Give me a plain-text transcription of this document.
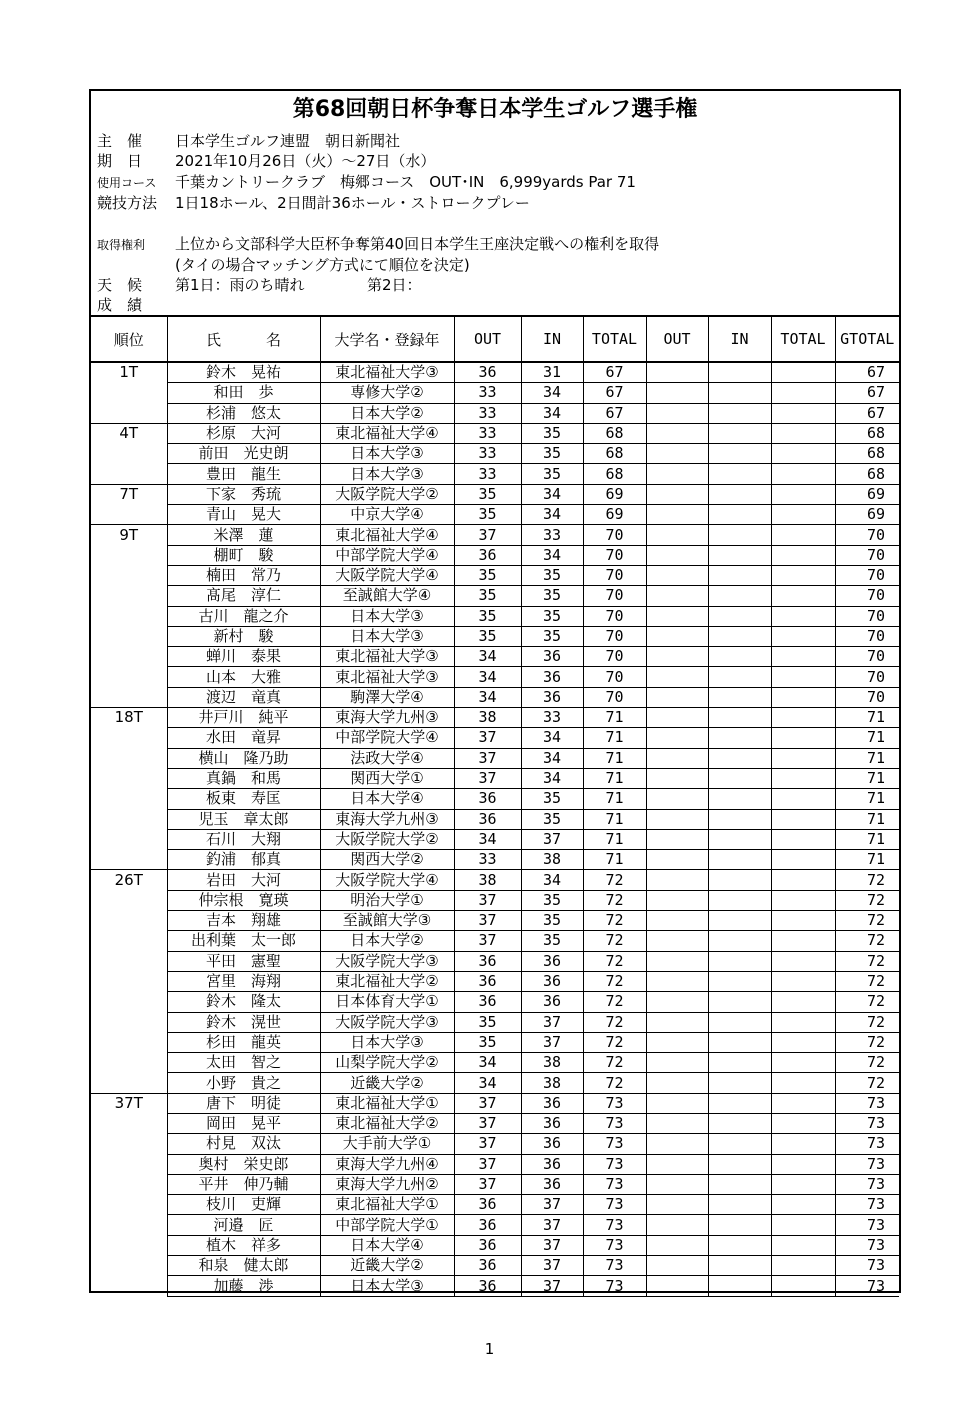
第68回朝日杯争奪日本学生ゴルフ選手権
主　催 日本学生ゴルフ連盟　朝日新聞社
期　日 2021年10月26日（火）～27日（水）
使用コース 千葉カントリークラブ　梅郷コース　OUT･IN　6,999yards Par 71
競技方法 1日18ホール、2日間計36ホール・ストロークプレー
取得権利 上位から文部科学大臣杯争奪第40回日本学生王座決定戦への権利を取得
(タイの場合マッチング方式にて順位を決定)
天　候 第1日：雨のち晴れ	第2日：
成　績
順位	氏　　　名	大学名・登録年	OUT	IN	TOTAL	OUT	IN	TOTAL	GTOTAL
1T	鈴木　晃祐	東北福祉大学③	36	31	67				67
	和田　歩	専修大学②	33	34	67				67
	杉浦　悠太	日本大学②	33	34	67				67
4T	杉原　大河	東北福祉大学④	33	35	68				68
	前田　光史朗	日本大学③	33	35	68				68
	豊田　龍生	日本大学③	33	35	68				68
7T	下家　秀琉	大阪学院大学②	35	34	69				69
	青山　晃大	中京大学④	35	34	69				69
9T	米澤　蓮	東北福祉大学④	37	33	70				70
	棚町　駿	中部学院大学④	36	34	70				70
	楠田　常乃	大阪学院大学④	35	35	70				70
	髙尾　淳仁	至誠館大学④	35	35	70				70
	古川　龍之介	日本大学③	35	35	70				70
	新村　駿	日本大学③	35	35	70				70
	蝉川　泰果	東北福祉大学③	34	36	70				70
	山本　大雅	東北福祉大学③	34	36	70				70
	渡辺　竜真	駒澤大学④	34	36	70				70
18T	井戸川　純平	東海大学九州③	38	33	71				71
	水田　竜昇	中部学院大学④	37	34	71				71
	横山　隆乃助	法政大学④	37	34	71				71
	真鍋　和馬	関西大学①	37	34	71				71
	板東　寿匡	日本大学④	36	35	71				71
	児玉　章太郎	東海大学九州③	36	35	71				71
	石川　大翔	大阪学院大学②	34	37	71				71
	釣浦　郁真	関西大学②	33	38	71				71
26T	岩田　大河	大阪学院大学④	38	34	72				72
	仲宗根　寛瑛	明治大学①	37	35	72				72
	吉本　翔雄	至誠館大学③	37	35	72				72
	出利葉　太一郎	日本大学②	37	35	72				72
	平田　憲聖	大阪学院大学③	36	36	72				72
	宮里　海翔	東北福祉大学②	36	36	72				72
	鈴木　隆太	日本体育大学①	36	36	72				72
	鈴木　滉世	大阪学院大学③	35	37	72				72
	杉田　龍英	日本大学③	35	37	72				72
	太田　智之	山梨学院大学②	34	38	72				72
	小野　貴之	近畿大学②	34	38	72				72
37T	唐下　明徒	東北福祉大学①	37	36	73				73
	岡田　晃平	東北福祉大学②	37	36	73				73
	村見　双汰	大手前大学①	37	36	73				73
	奥村　栄史郎	東海大学九州④	37	36	73				73
	平井　伸乃輔	東海大学九州②	37	36	73				73
	枝川　吏輝	東北福祉大学①	36	37	73				73
	河邉　匠	中部学院大学①	36	37	73				73
	植木　祥多	日本大学④	36	37	73				73
	和泉　健太郎	近畿大学②	36	37	73				73
	加藤　渉	日本大学③	36	37	73				73
1
